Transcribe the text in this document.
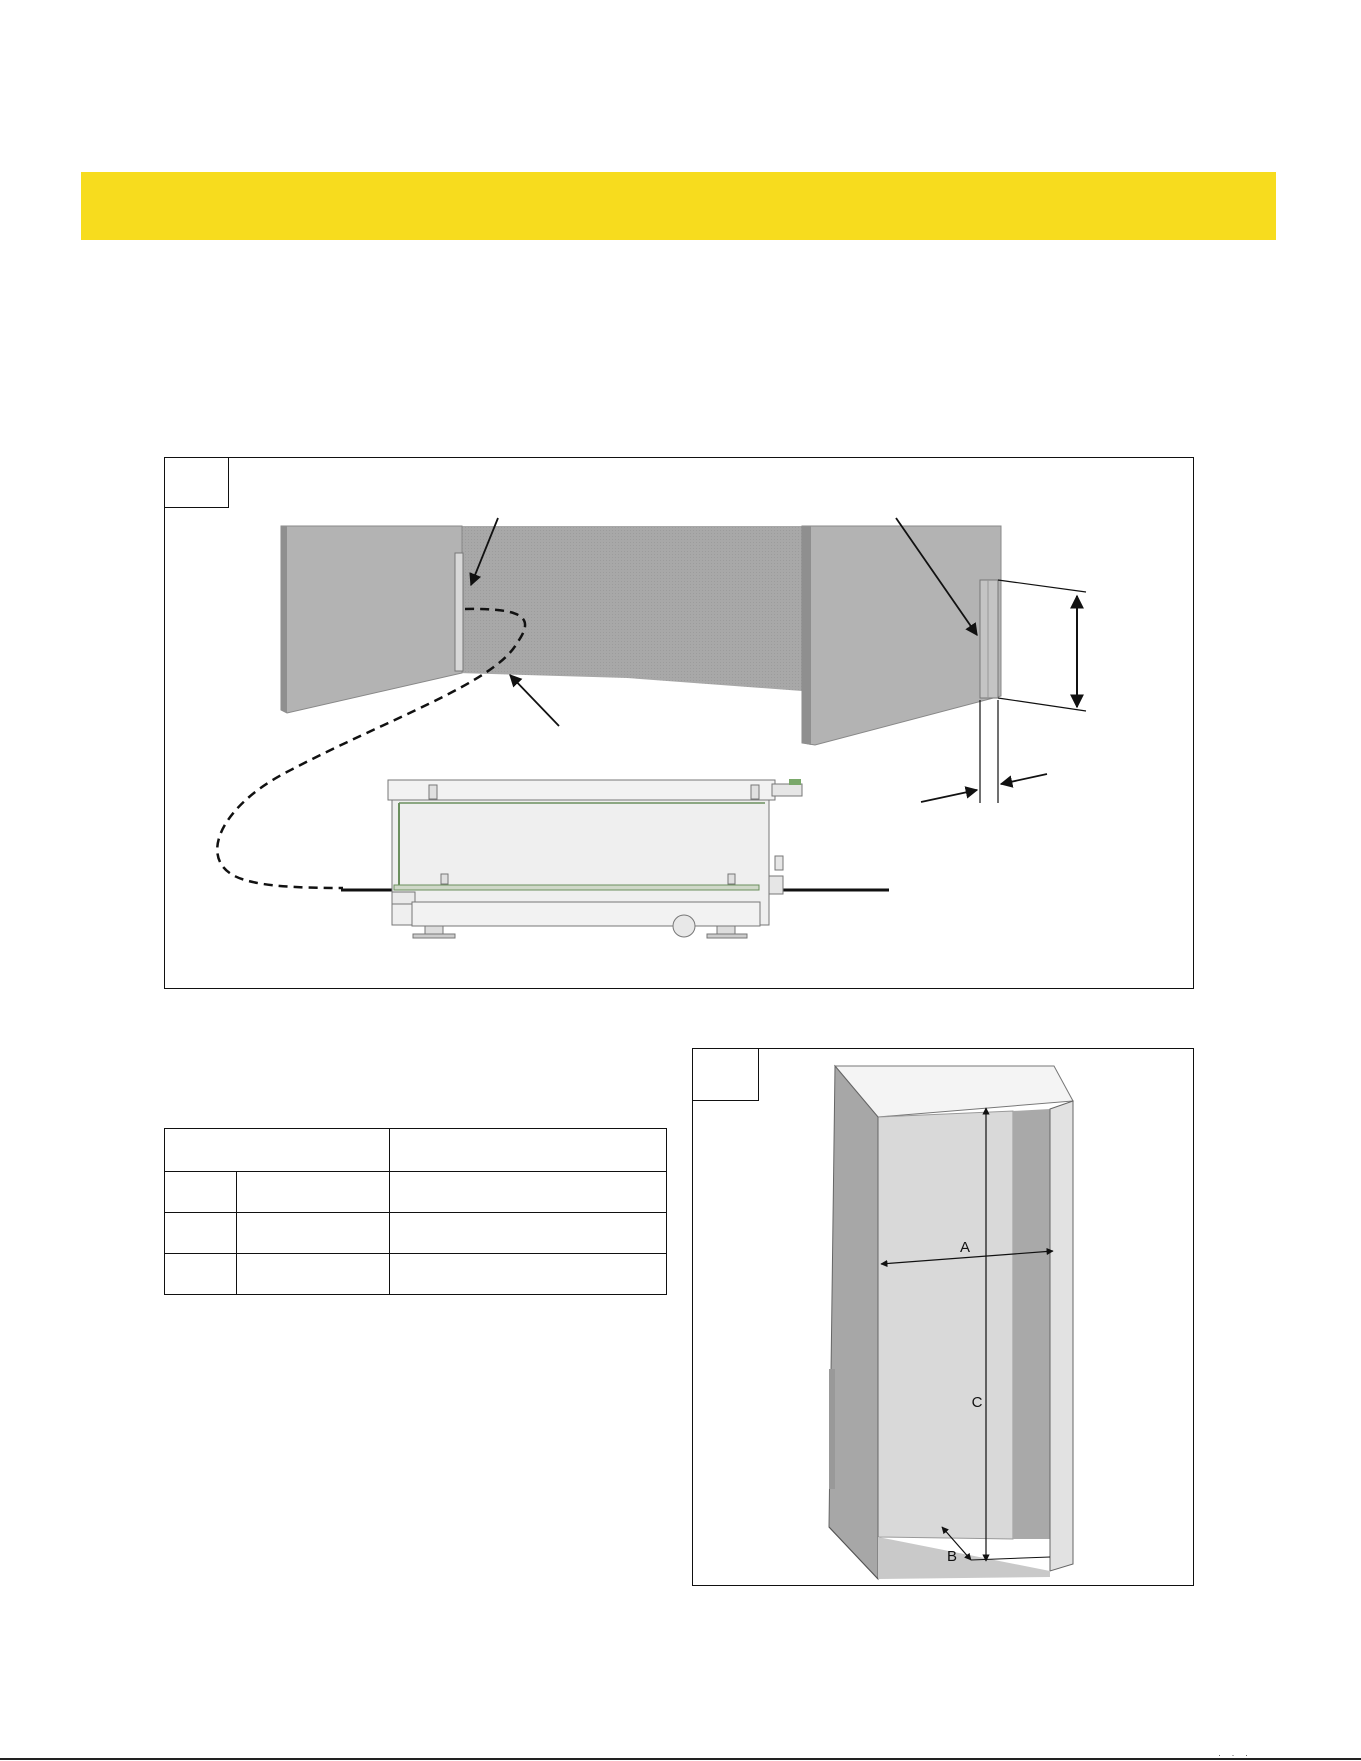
A
C
B
· · ·
